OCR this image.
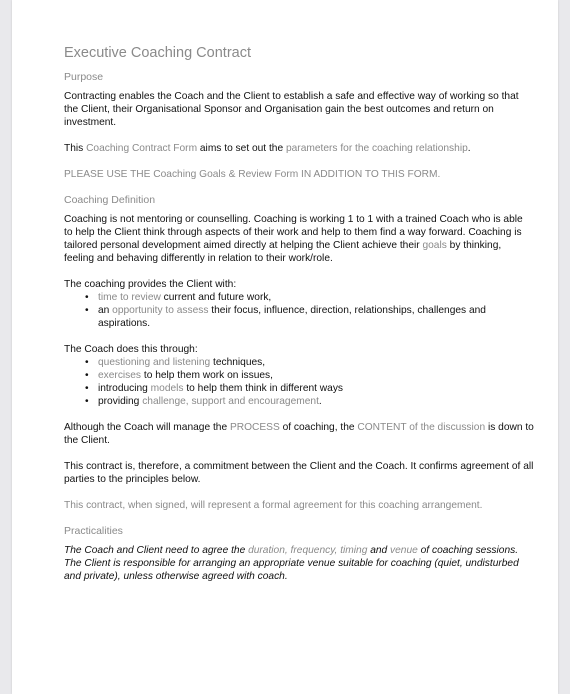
Executive Coaching Contract
Purpose

Contracting enables the Coach and the Client to establish a safe and effective way of working so that the Client, their Organisational Sponsor and Organisation gain the best outcomes and return on investment.

This Coaching Contract Form aims to set out the parameters for the coaching relationship.

PLEASE USE THE Coaching Goals & Review Form IN ADDITION TO THIS FORM.

Coaching Definition

Coaching is not mentoring or counselling. Coaching is working 1 to 1 with a trained Coach who is able to help the Client think through aspects of their work and help to them find a way forward. Coaching is tailored personal development aimed directly at helping the Client achieve their goals by thinking, feeling and behaving differently in relation to their work/role.

The coaching provides the Client with:
• time to review current and future work,
• an opportunity to assess their focus, influence, direction, relationships, challenges and aspirations.
The Coach does this through:
• questioning and listening techniques,
• exercises to help them work on issues,
• introducing models to help them think in different ways
• providing challenge, support and encouragement.

Although the Coach will manage the PROCESS of coaching, the CONTENT of the discussion is down to the Client.

This contract is, therefore, a commitment between the Client and the Coach. It confirms agreement of all parties to the principles below.

This contract, when signed, will represent a formal agreement for this coaching arrangement.

Practicalities

The Coach and Client need to agree the duration, frequency, timing and venue of coaching sessions. The Client is responsible for arranging an appropriate venue suitable for coaching (quiet, undisturbed and private), unless otherwise agreed with coach.
